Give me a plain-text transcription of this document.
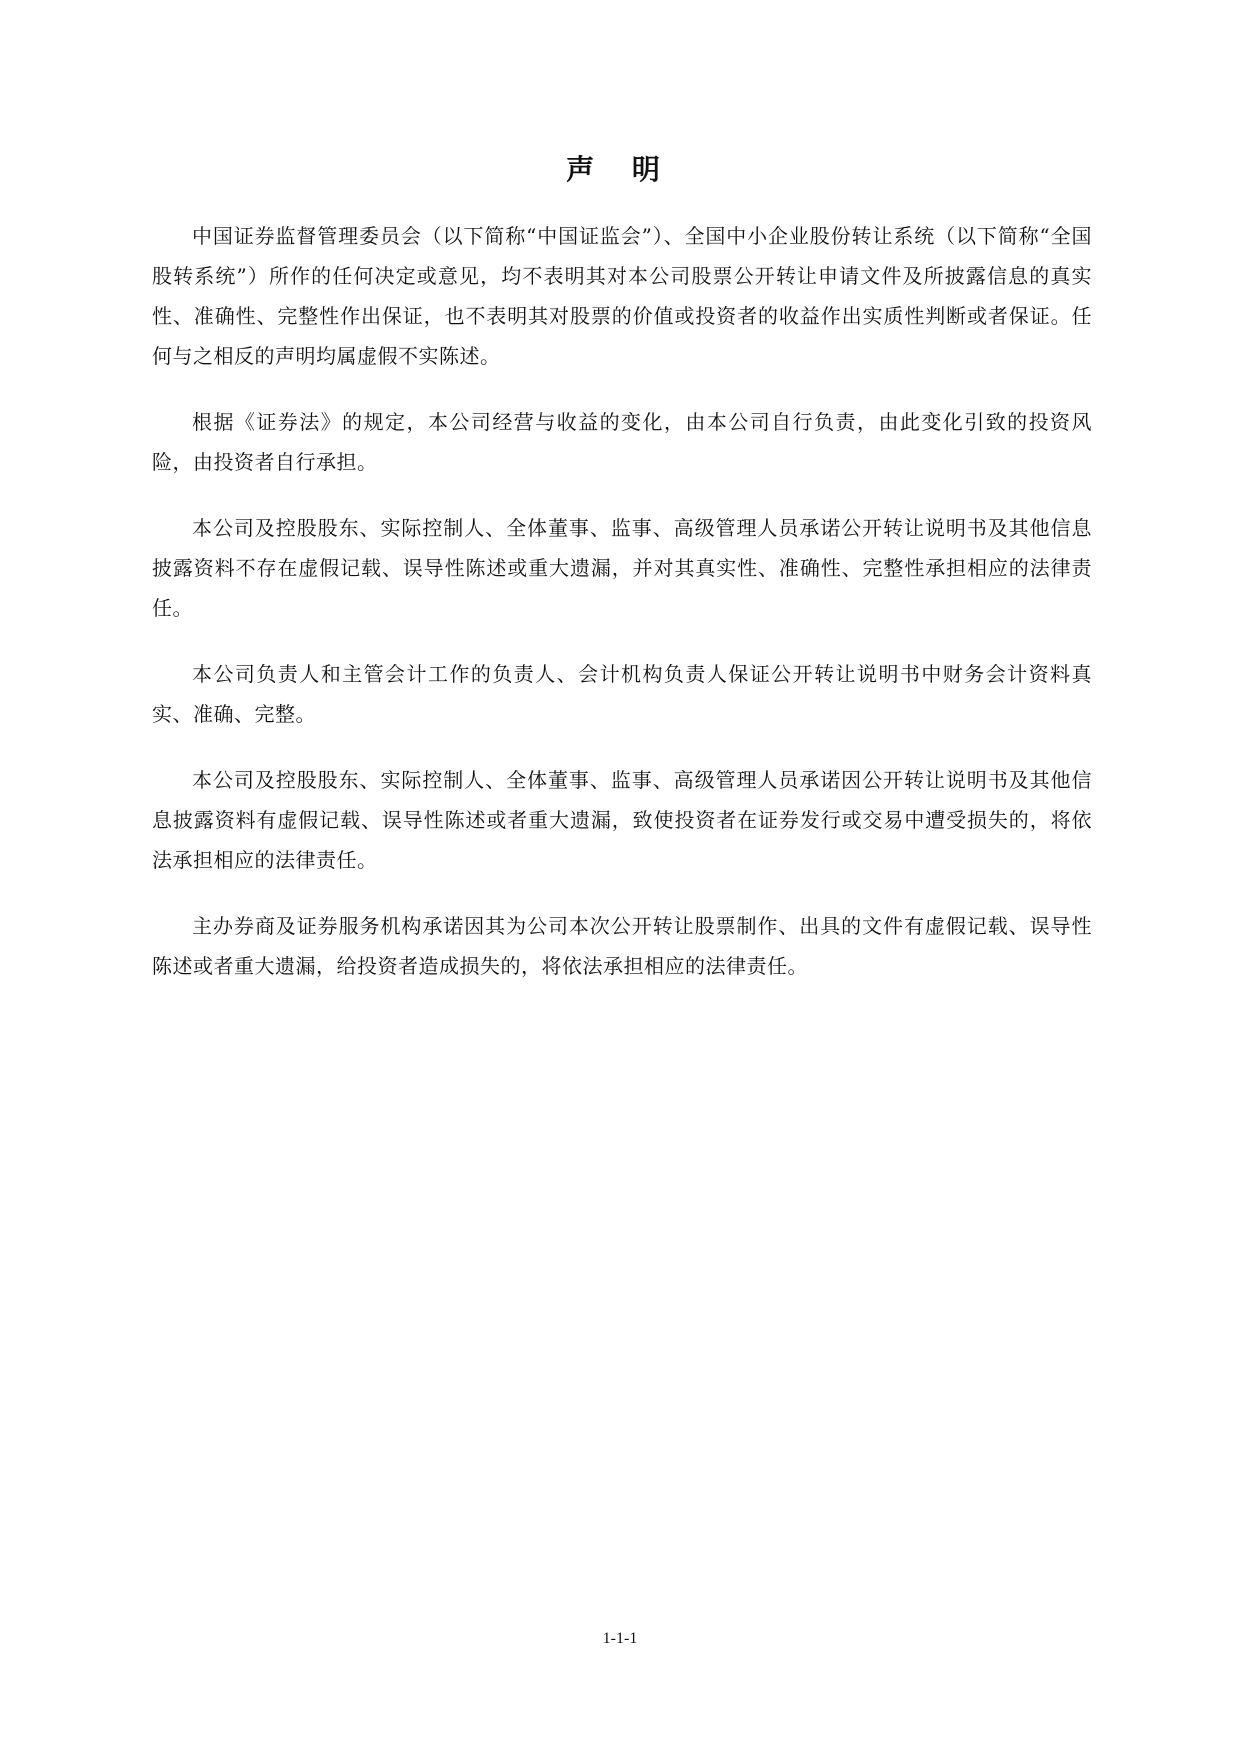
声 明

中国证券监督管理委员会（以下简称“中国证监会”）、全国中小企业股份转让系统（以下简称“全国股转系统”）所作的任何决定或意见，均不表明其对本公司股票公开转让申请文件及所披露信息的真实性、准确性、完整性作出保证，也不表明其对股票的价值或投资者的收益作出实质性判断或者保证。任何与之相反的声明均属虚假不实陈述。

根据《证券法》的规定，本公司经营与收益的变化，由本公司自行负责，由此变化引致的投资风险，由投资者自行承担。

本公司及控股股东、实际控制人、全体董事、监事、高级管理人员承诺公开转让说明书及其他信息披露资料不存在虚假记载、误导性陈述或重大遗漏，并对其真实性、准确性、完整性承担相应的法律责任。

本公司负责人和主管会计工作的负责人、会计机构负责人保证公开转让说明书中财务会计资料真实、准确、完整。

本公司及控股股东、实际控制人、全体董事、监事、高级管理人员承诺因公开转让说明书及其他信息披露资料有虚假记载、误导性陈述或者重大遗漏，致使投资者在证券发行或交易中遭受损失的，将依法承担相应的法律责任。

主办券商及证券服务机构承诺因其为公司本次公开转让股票制作、出具的文件有虚假记载、误导性陈述或者重大遗漏，给投资者造成损失的，将依法承担相应的法律责任。

1-1-1
